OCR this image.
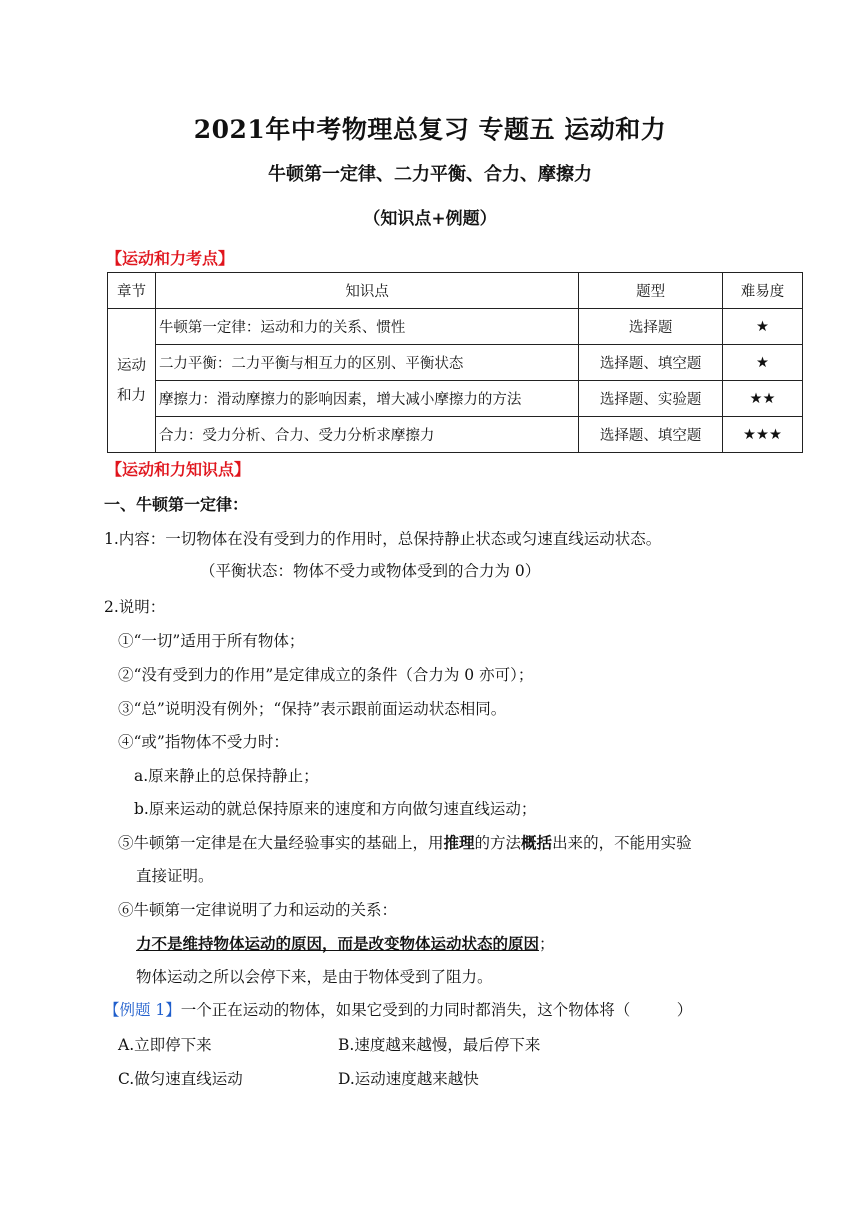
2021年中考物理总复习 专题五 运动和力
牛顿第一定律、二力平衡、合力、摩擦力
（知识点+例题）
【运动和力考点】
章节	知识点	题型	难易度
运动
和力	牛顿第一定律：运动和力的关系、惯性	选择题	★
	二力平衡：二力平衡与相互力的区别、平衡状态	选择题、填空题	★
	摩擦力：滑动摩擦力的影响因素，增大减小摩擦力的方法	选择题、实验题	★★
	合力：受力分析、合力、受力分析求摩擦力	选择题、填空题	★★★
【运动和力知识点】
一、牛顿第一定律：
1.内容：一切物体在没有受到力的作用时，总保持静止状态或匀速直线运动状态。
（平衡状态：物体不受力或物体受到的合力为 0）
2.说明：
①“一切”适用于所有物体；
②“没有受到力的作用”是定律成立的条件（合力为 0 亦可）；
③“总”说明没有例外；“保持”表示跟前面运动状态相同。
④“或”指物体不受力时：
a.原来静止的总保持静止；
b.原来运动的就总保持原来的速度和方向做匀速直线运动；
⑤牛顿第一定律是在大量经验事实的基础上，用推理的方法概括出来的，不能用实验
直接证明。
⑥牛顿第一定律说明了力和运动的关系：
力不是维持物体运动的原因，而是改变物体运动状态的原因；
物体运动之所以会停下来，是由于物体受到了阻力。
【例题 1】一个正在运动的物体，如果它受到的力同时都消失，这个物体将（　　　）
A.立即停下来	B.速度越来越慢，最后停下来
C.做匀速直线运动	D.运动速度越来越快
